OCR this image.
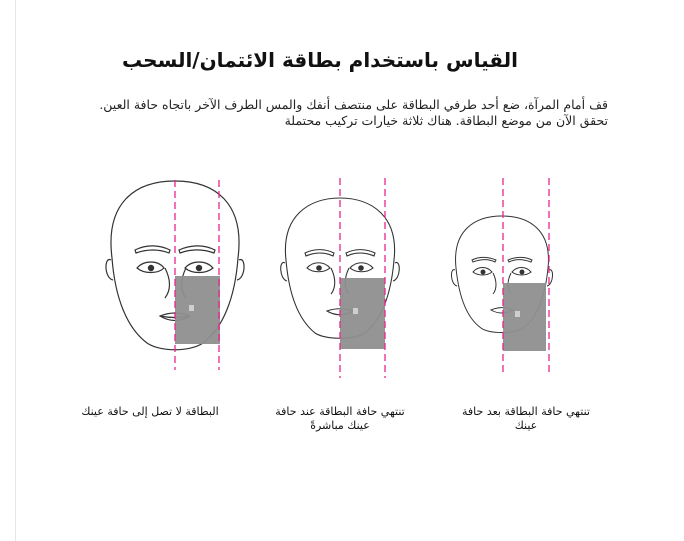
القياس باستخدام بطاقة الائتمان/السحب

قف أمام المرآة، ضع أحد طرفي البطاقة على منتصف أنفك والمس الطرف الآخر باتجاه حافة العين.

تحقق الآن من موضع البطاقة. هناك ثلاثة خيارات تركيب محتملة

البطاقة لا تصل إلى حافة عينك	تنتهي حافة البطاقة عند حافة عينك مباشرةً
تنتهي حافة البطاقة بعد حافة عينك
